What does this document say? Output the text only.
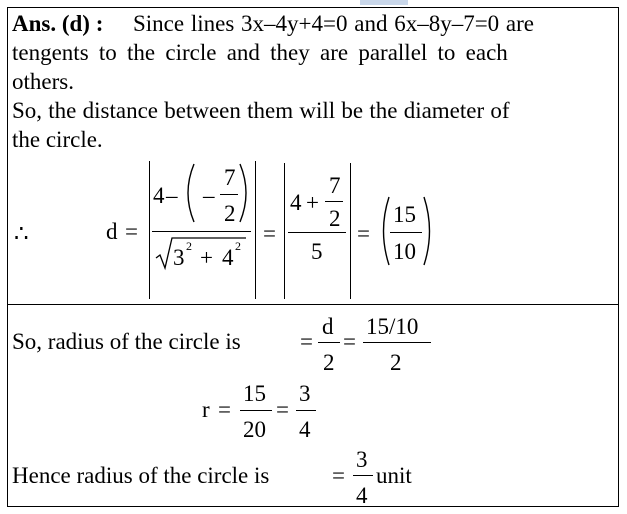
Ans. (d) : Since lines 3x–4y+4=0 and 6x–8y–7=0 are
tengents to the circle and they are parallel to each
others.
So, the distance between them will be the diameter of
the circle.
∴	d =
4 – –
7
2
3 2 + 4 2 =
4 +
7
2
5
=
15
10
So, radius of the circle is	=
d
2
=
15/10
2
r =
15
20
=
3
4
Hence radius of the circle is	=
3
4
unit
